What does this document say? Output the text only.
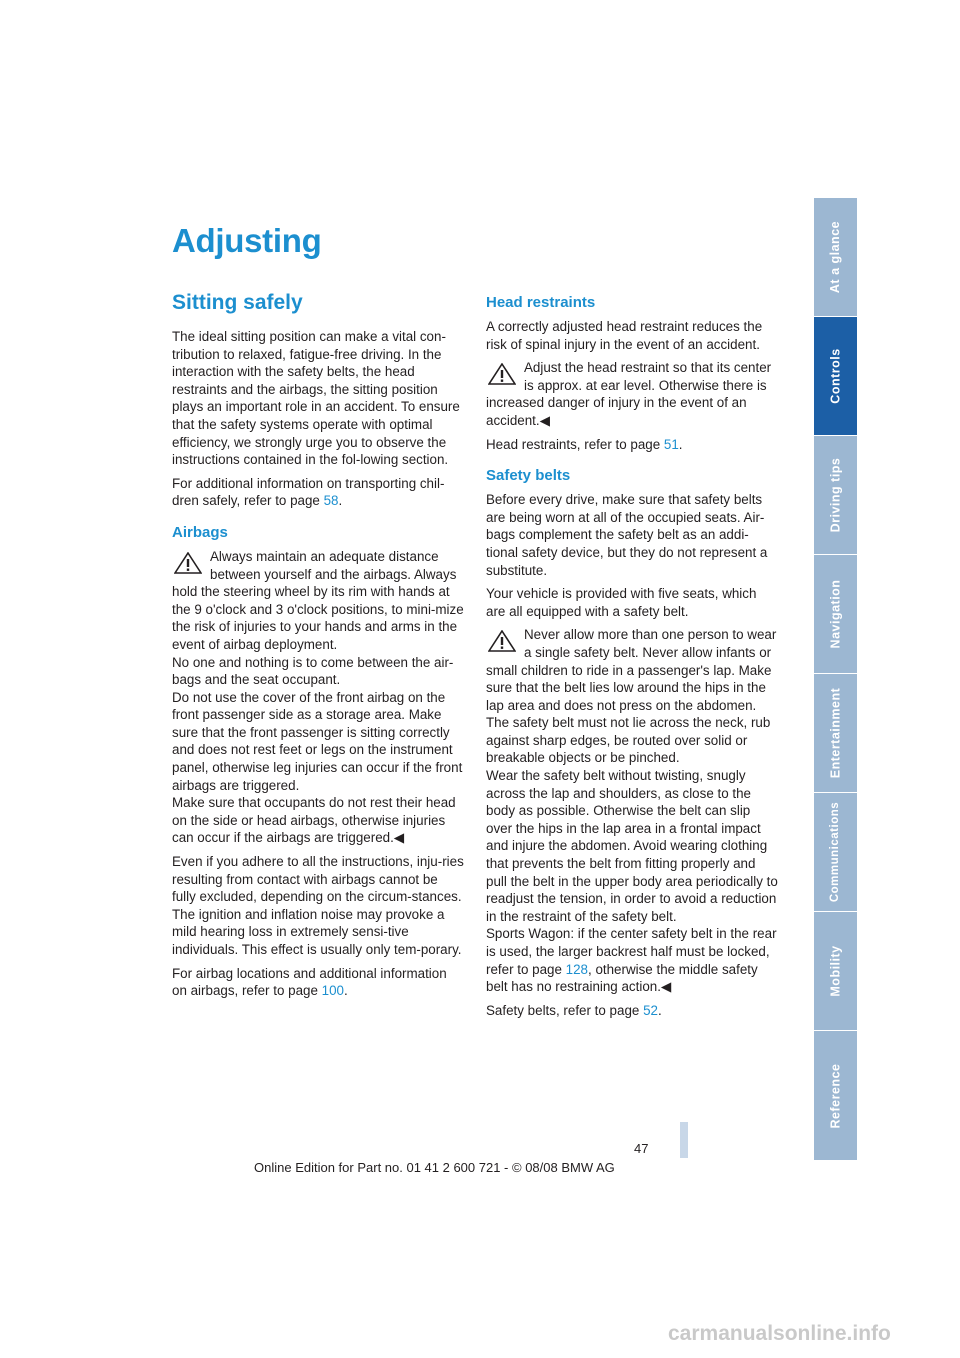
Adjusting
Sitting safely

The ideal sitting position can make a vital con-tribution to relaxed, fatigue-free driving. In the interaction with the safety belts, the head restraints and the airbags, the sitting position plays an important role in an accident. To ensure that the safety systems operate with optimal efficiency, we strongly urge you to observe the instructions contained in the fol-lowing section.

For additional information on transporting chil-dren safely, refer to page 58.

Airbags
Always maintain an adequate distance between yourself and the airbags. Always hold the steering wheel by its rim with hands at the 9 o'clock and 3 o'clock positions, to mini-mize the risk of injuries to your hands and arms in the event of airbag deployment.
No one and nothing is to come between the air-bags and the seat occupant.
Do not use the cover of the front airbag on the front passenger side as a storage area. Make sure that the front passenger is sitting correctly and does not rest feet or legs on the instrument panel, otherwise leg injuries can occur if the front airbags are triggered.
Make sure that occupants do not rest their head on the side or head airbags, otherwise injuries can occur if the airbags are triggered.◀

Even if you adhere to all the instructions, inju-ries resulting from contact with airbags cannot be fully excluded, depending on the circum-stances. The ignition and inflation noise may provoke a mild hearing loss in extremely sensi-tive individuals. This effect is usually only tem-porary.

For airbag locations and additional information on airbags, refer to page 100.

Head restraints

A correctly adjusted head restraint reduces the risk of spinal injury in the event of an accident.

Adjust the head restraint so that its center is approx. at ear level. Otherwise there is increased danger of injury in the event of an accident.◀

Head restraints, refer to page 51.

Safety belts

Before every drive, make sure that safety belts are being worn at all of the occupied seats. Air-bags complement the safety belt as an addi-tional safety device, but they do not represent a substitute.

Your vehicle is provided with five seats, which are all equipped with a safety belt.

Never allow more than one person to wear a single safety belt. Never allow infants or small children to ride in a passenger's lap. Make sure that the belt lies low around the hips in the lap area and does not press on the abdomen. The safety belt must not lie across the neck, rub against sharp edges, be routed over solid or breakable objects or be pinched.
Wear the safety belt without twisting, snugly across the lap and shoulders, as close to the body as possible. Otherwise the belt can slip over the hips in the lap area in a frontal impact and injure the abdomen. Avoid wearing clothing that prevents the belt from fitting properly and pull the belt in the upper body area periodically to readjust the tension, in order to avoid a reduction in the restraint of the safety belt.
Sports Wagon: if the center safety belt in the rear is used, the larger backrest half must be locked, refer to page 128, otherwise the middle safety belt has no restraining action.◀

Safety belts, refer to page 52.

At a glance
Controls
Driving tips
Navigation
Entertainment
Communications
Mobility
Reference
47
Online Edition for Part no. 01 41 2 600 721 - © 08/08 BMW AG
carmanualsonline.info
